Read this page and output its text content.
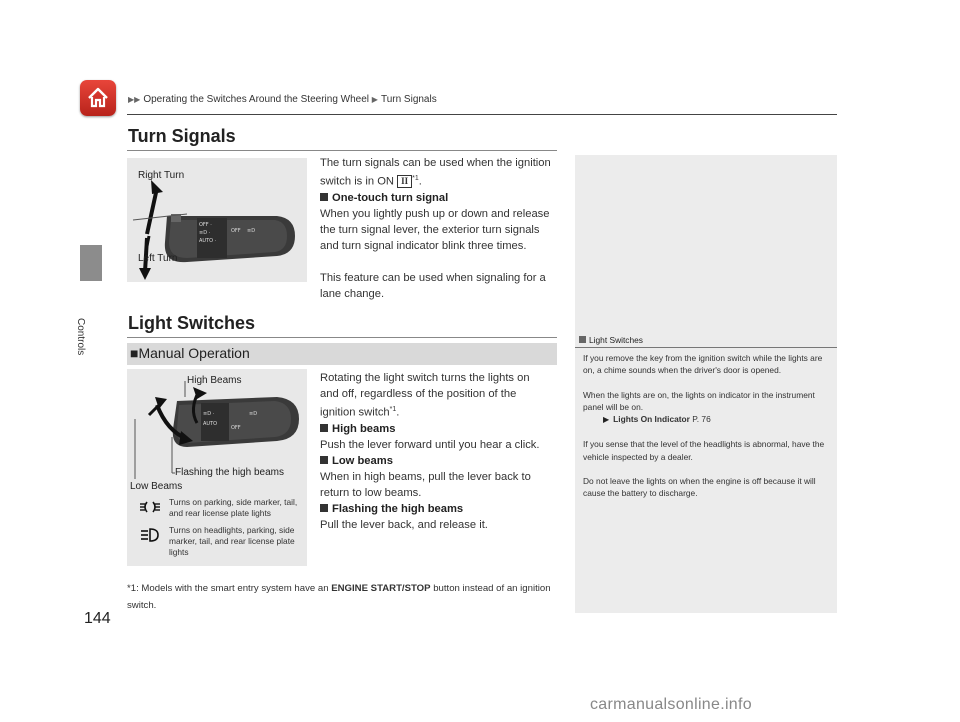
▶▶ Operating the Switches Around the Steering Wheel ▶ Turn Signals
Controls
144
Turn Signals
OFF ·
≡D ·
AUTO ·
OFF ≡D
Right Turn
Left Turn
The turn signals can be used when the ignition
switch is in ON II $^{*1}$.
One-touch turn signal
When you lightly push up or down and release
the turn signal lever, the exterior turn signals
and turn signal indicator blink three times.
This feature can be used when signaling for a
lane change.
Light Switches
■Manual Operation
≡D ·
AUTO
OFF
≡D
High Beams
Flashing the high beams
Low Beams
Turns on parking, side marker, tail, and rear license plate lights
Turns on headlights, parking, side marker, tail, and rear license plate lights
Rotating the light switch turns the lights on
and off, regardless of the position of the
ignition switch$^{*1}$.
High beams
Push the lever forward until you hear a click.
Low beams
When in high beams, pull the lever back to
return to low beams.
Flashing the high beams
Pull the lever back, and release it.
*1: Models with the smart entry system have an ENGINE START/STOP button instead of an ignition switch.
Light Switches

If you remove the key from the ignition switch while the lights are on, a chime sounds when the driver's door is opened.

When the lights are on, the lights on indicator in the instrument panel will be on.
▶ Lights On Indicator P. 76

If you sense that the level of the headlights is abnormal, have the vehicle inspected by a dealer.

Do not leave the lights on when the engine is off because it will cause the battery to discharge.

carmanualsonline.info
